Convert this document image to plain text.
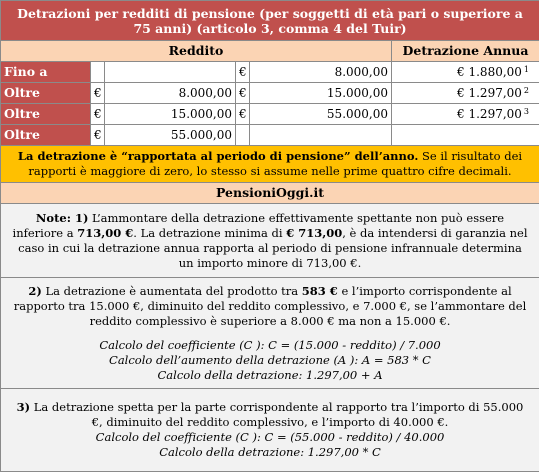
Detrazioni per redditi di pensione (per soggetti di età pari o superiore a 75 anni) (articolo 3, comma 4 del Tuir)					
Reddito					Detrazione Annua
Fino a			€	8.000,00	€ 1.880,00 $^1$
Oltre	€	8.000,00	€	15.000,00	€ 1.297,00 $^2$
Oltre	€	15.000,00	€	55.000,00	€ 1.297,00 $^3$
Oltre	€	55.000,00			
La detrazione è “rapportata al periodo di pensione” dell’anno. Se il risultato dei rapporti è maggiore di zero, lo stesso si assume nelle prime quattro cifre decimali.					
PensioniOggi.it					
Note: 1) L’ammontare della detrazione effettivamente spettante non può essere inferiore a 713,00 €. La detrazione minima di € 713,00, è da intendersi di garanzia nel caso in cui la detrazione annua rapporta al periodo di pensione infrannuale determina un importo minore di 713,00 €.					
2) La detrazione è aumentata del prodotto tra 583 € e l’importo corrispondente al rapporto tra 15.000 €, diminuito del reddito complessivo, e 7.000 €, se l’ammontare del reddito complessivo è superiore a 8.000 € ma non a 15.000 €.
Calcolo del coefficiente (C ): C = (15.000 - reddito) / 7.000
Calcolo dell’aumento della detrazione (A ): A = 583 * C
Calcolo della detrazione: 1.297,00 + A					

3) La detrazione spetta per la parte corrispondente al rapporto tra l’importo di 55.000 €, diminuito del reddito complessivo, e l’importo di 40.000 €.
Calcolo del coefficiente (C ): C = (55.000 - reddito) / 40.000
Calcolo della detrazione: 1.297,00 * C					
